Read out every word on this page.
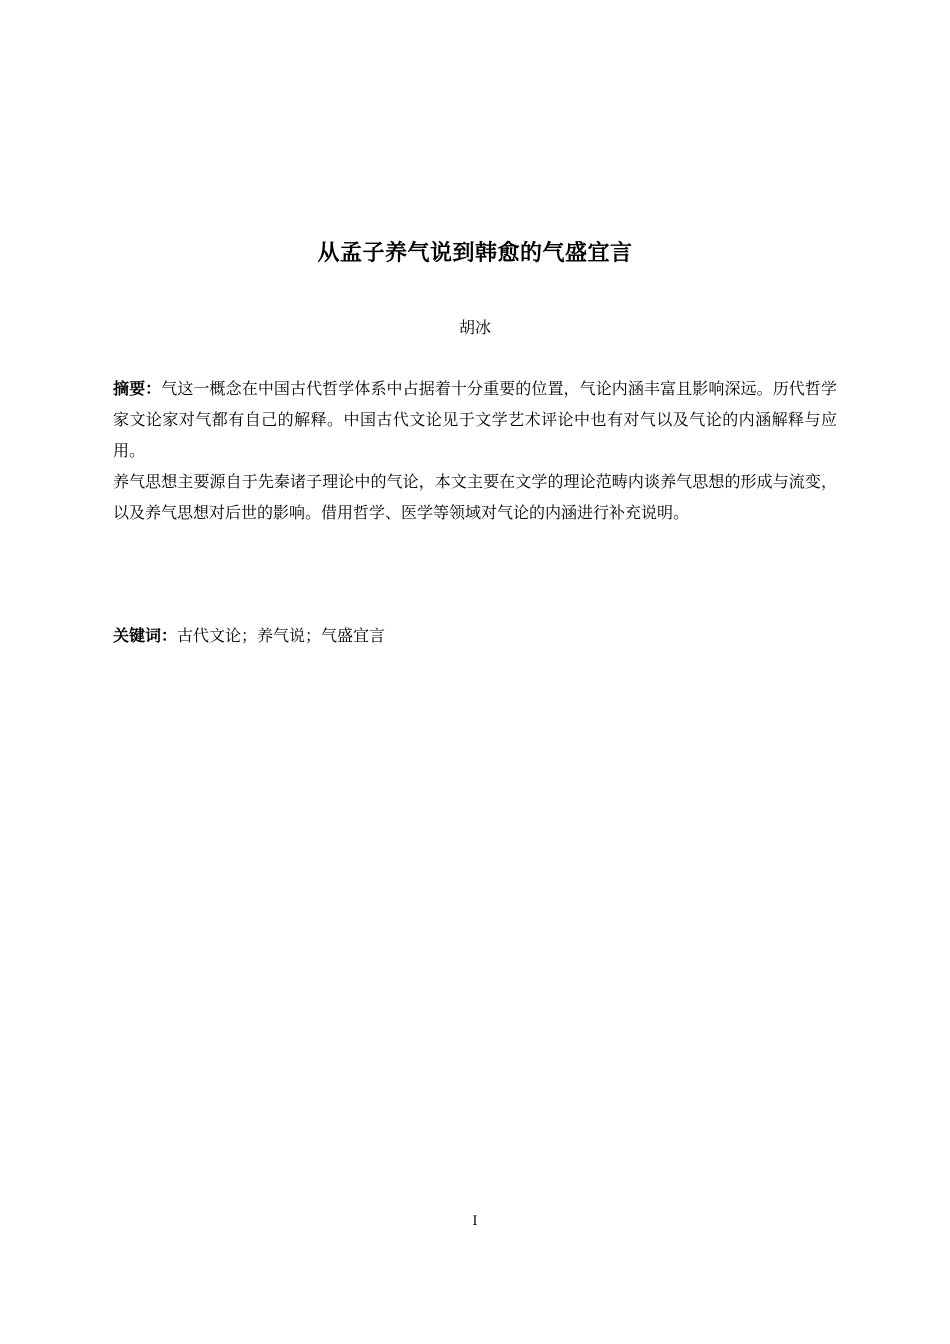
从孟子养气说到韩愈的气盛宜言

胡冰

摘要：气这一概念在中国古代哲学体系中占据着十分重要的位置，气论内涵丰富且影响深远。历代哲学家文论家对气都有自己的解释。中国古代文论见于文学艺术评论中也有对气以及气论的内涵解释与应用。

养气思想主要源自于先秦诸子理论中的气论，本文主要在文学的理论范畴内谈养气思想的形成与流变，以及养气思想对后世的影响。借用哲学、医学等领域对气论的内涵进行补充说明。

关键词：古代文论；养气说；气盛宜言

I
